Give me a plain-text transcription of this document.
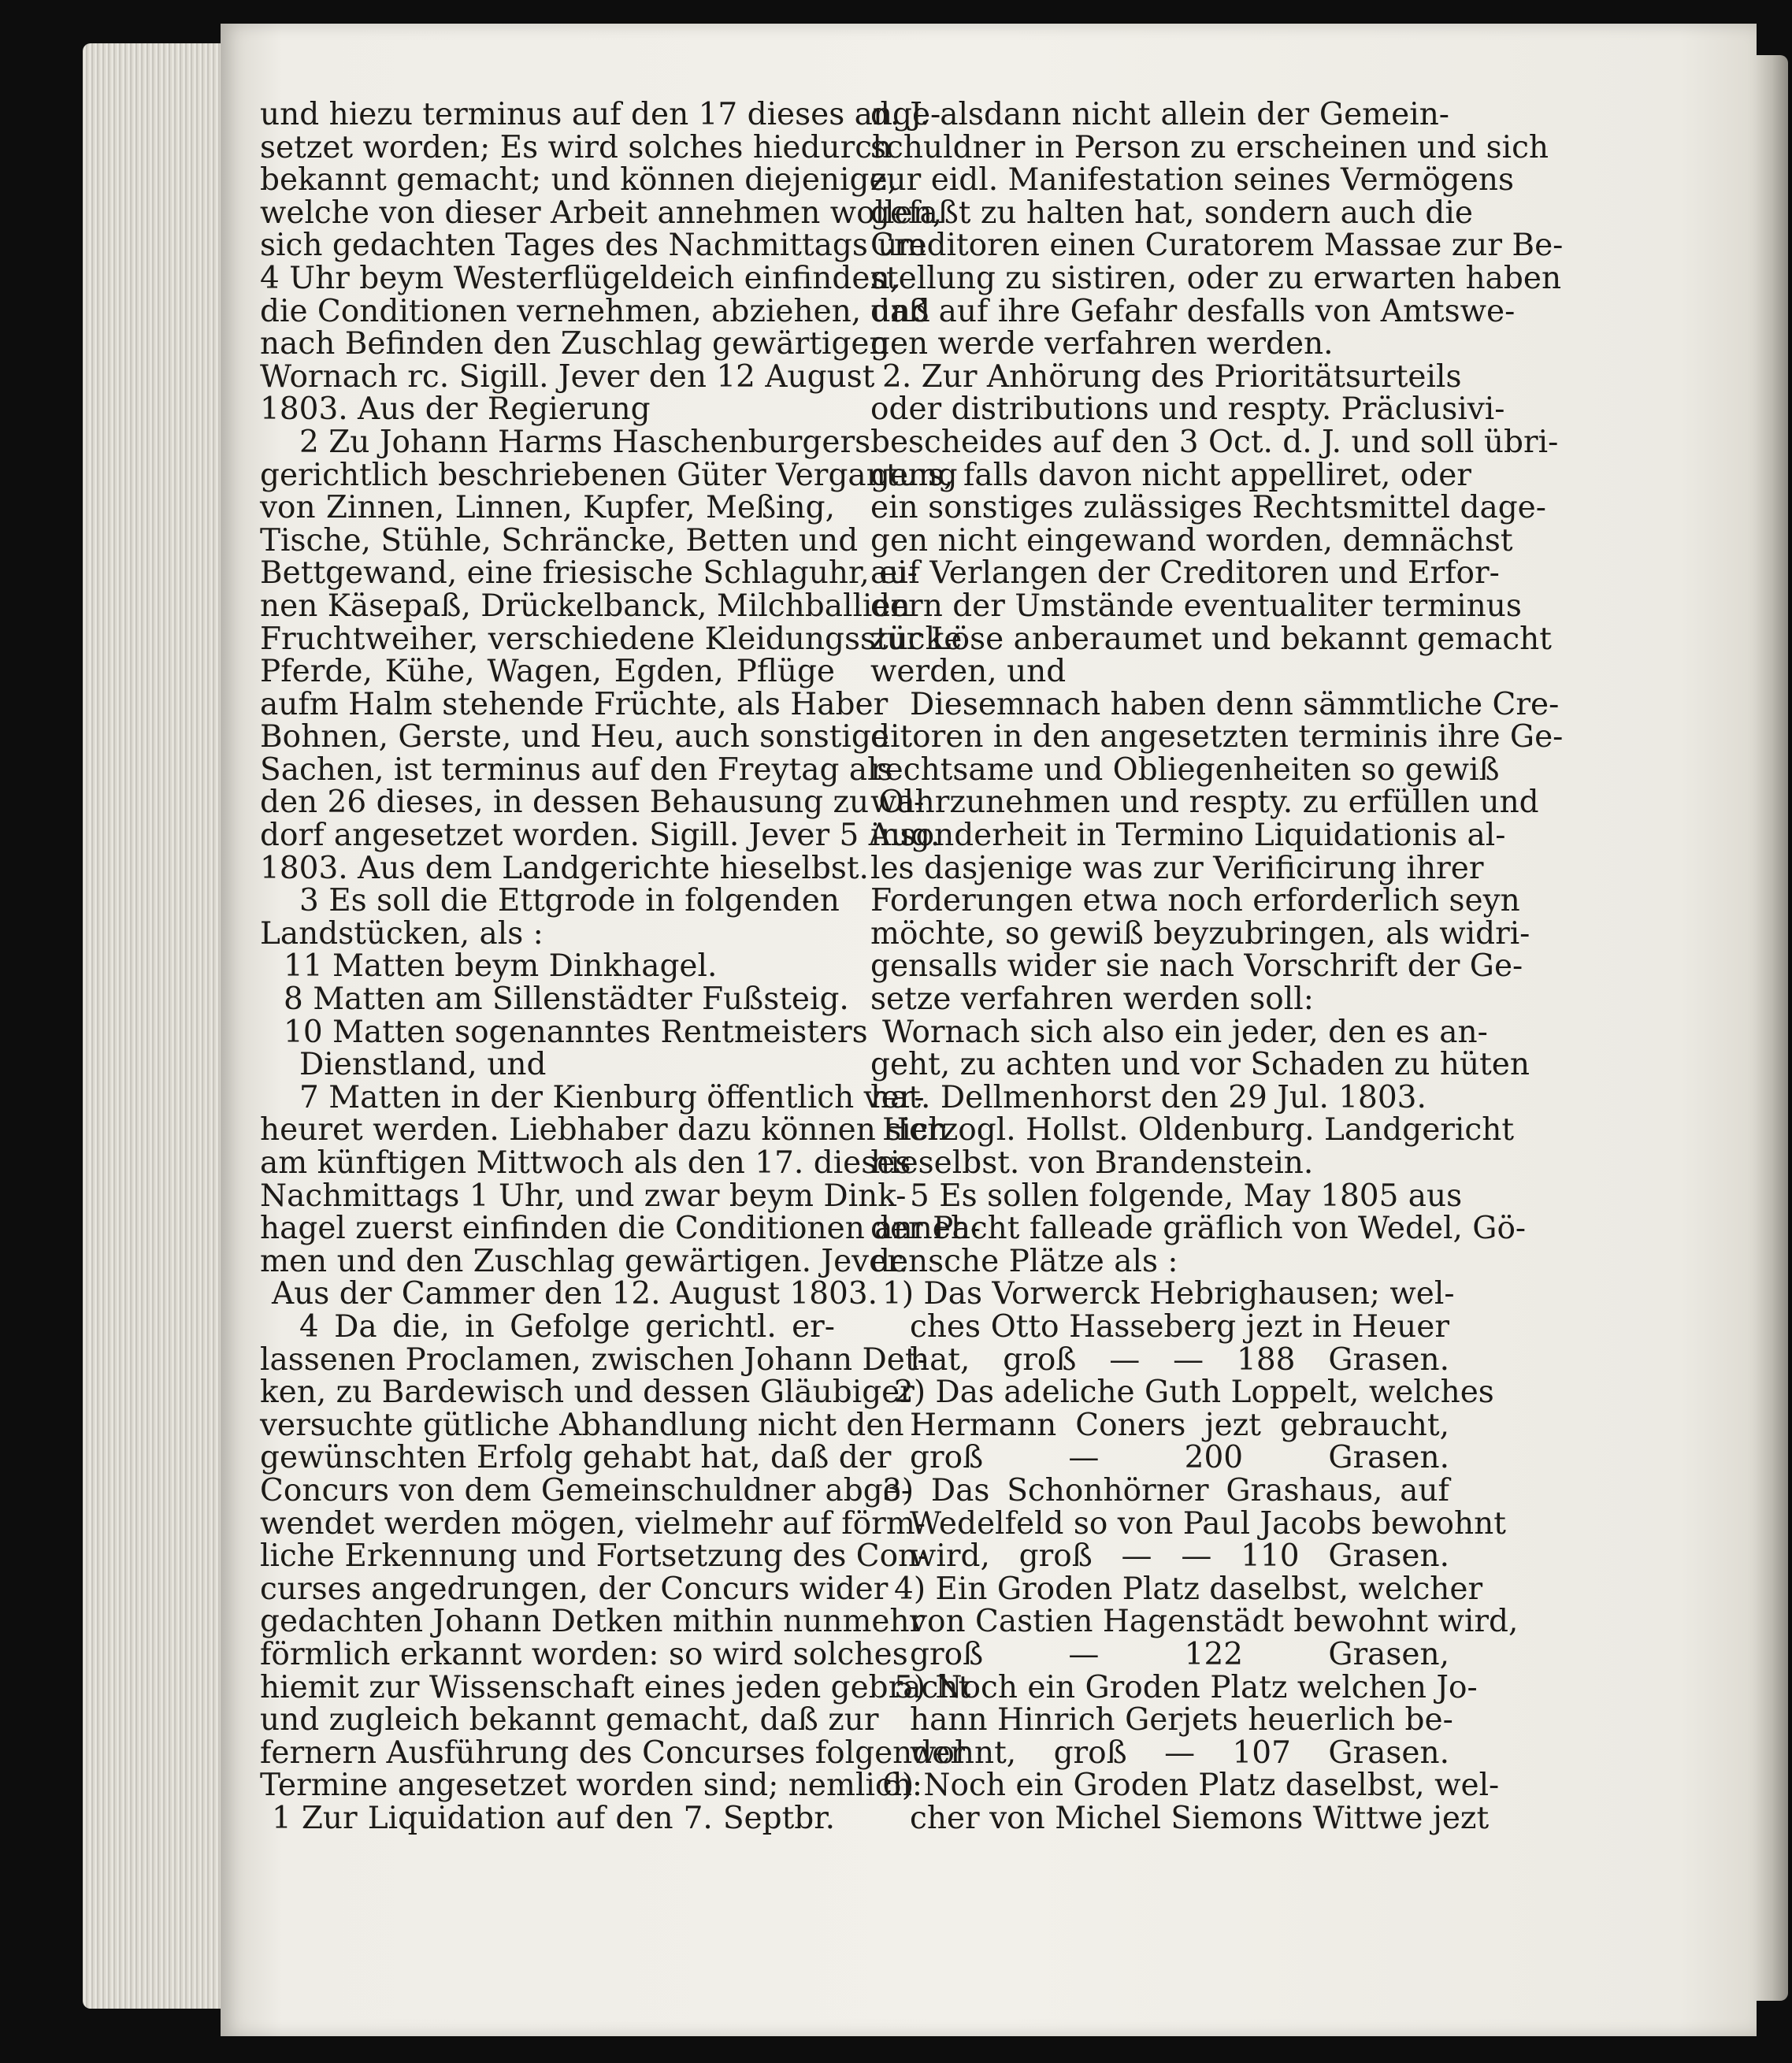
und hiezu terminus auf den 17 dieses ange-
setzet worden; Es wird solches hiedurch
bekannt gemacht; und können diejenige,
welche von dieser Arbeit annehmen wollen,
sich gedachten Tages des Nachmittags um
4 Uhr beym Westerflügeldeich einfinden,
die Conditionen vernehmen, abziehen, und
nach Befinden den Zuschlag gewärtigen
Wornach rc. Sigill. Jever den 12 August
1803. Aus der Regierung
2 Zu Johann Harms Haschenburgers
gerichtlich beschriebenen Güter Vergantung
von Zinnen, Linnen, Kupfer, Meßing,
Tische, Stühle, Schräncke, Betten und
Bettgewand, eine friesische Schlaguhr, ei-
nen Käsepaß, Drückelbanck, Milchballien
Fruchtweiher, verschiedene Kleidungsstücke
Pferde, Kühe, Wagen, Egden, Pflüge
aufm Halm stehende Früchte, als Haber
Bohnen, Gerste, und Heu, auch sonstige
Sachen, ist terminus auf den Freytag als
den 26 dieses, in dessen Behausung zu Ol-
dorf angesetzet worden. Sigill. Jever 5 Aug.
1803. Aus dem Landgerichte hieselbst.
3 Es soll die Ettgrode in folgenden
Landstücken, als :
11 Matten beym Dinkhagel.
8 Matten am Sillenstädter Fußsteig.
10 Matten sogenanntes Rentmeisters
Dienstland, und
7 Matten in der Kienburg öffentlich ver-
heuret werden. Liebhaber dazu können sich
am künftigen Mittwoch als den 17. dieses
Nachmittags 1 Uhr, und zwar beym Dink-
hagel zuerst einfinden die Conditionen anneh-
men und den Zuschlag gewärtigen. Jever.
Aus der Cammer den 12. August 1803.
4 Da die, in Gefolge gerichtl. er-
lassenen Proclamen, zwischen Johann Det-
ken, zu Bardewisch und dessen Gläubiger
versuchte gütliche Abhandlung nicht den
gewünschten Erfolg gehabt hat, daß der
Concurs von dem Gemeinschuldner abge-
wendet werden mögen, vielmehr auf förm-
liche Erkennung und Fortsetzung des Con-
curses angedrungen, der Concurs wider
gedachten Johann Detken mithin nunmehr
förmlich erkannt worden: so wird solches
hiemit zur Wissenschaft eines jeden gebracht
und zugleich bekannt gemacht, daß zur
fernern Ausführung des Concurses folgender
Termine angesetzet worden sind; nemlich:
1 Zur Liquidation auf den 7. Septbr.
d. J. alsdann nicht allein der Gemein-
schuldner in Person zu erscheinen und sich
zur eidl. Manifestation seines Vermögens
gefaßt zu halten hat, sondern auch die
Creditoren einen Curatorem Massae zur Be-
stellung zu sistiren, oder zu erwarten haben
daß auf ihre Gefahr desfalls von Amtswe-
gen werde verfahren werden.
2. Zur Anhörung des Prioritätsurteils
oder distributions und respty. Präclusivi-
bescheides auf den 3 Oct. d. J. und soll übri-
gens, falls davon nicht appelliret, oder
ein sonstiges zulässiges Rechtsmittel dage-
gen nicht eingewand worden, demnächst
auf Verlangen der Creditoren und Erfor-
dern der Umstände eventualiter terminus
zur Löse anberaumet und bekannt gemacht
werden, und
Diesemnach haben denn sämmtliche Cre-
ditoren in den angesetzten terminis ihre Ge-
rechtsame und Obliegenheiten so gewiß
wahrzunehmen und respty. zu erfüllen und
insonderheit in Termino Liquidationis al-
les dasjenige was zur Verificirung ihrer
Forderungen etwa noch erforderlich seyn
möchte, so gewiß beyzubringen, als widri-
gensalls wider sie nach Vorschrift der Ge-
setze verfahren werden soll:
Wornach sich also ein jeder, den es an-
geht, zu achten und vor Schaden zu hüten
hat. Dellmenhorst den 29 Jul. 1803.
Herzogl. Hollst. Oldenburg. Landgericht
hieselbst. von Brandenstein.
5 Es sollen folgende, May 1805 aus
der Pacht falleade gräflich von Wedel, Gö-
densche Plätze als :
1) Das Vorwerck Hebrighausen; wel-
ches Otto Hasseberg jezt in Heuer
hat, groß — — 188 Grasen.
2) Das adeliche Guth Loppelt, welches
Hermann Coners jezt gebraucht,
groß — 200 Grasen.
3) Das Schonhörner Grashaus, auf
Wedelfeld so von Paul Jacobs bewohnt
wird, groß — — 110 Grasen.
4) Ein Groden Platz daselbst, welcher
von Castien Hagenstädt bewohnt wird,
groß — 122 Grasen,
5) Noch ein Groden Platz welchen Jo-
hann Hinrich Gerjets heuerlich be-
wohnt, groß — 107 Grasen.
6) Noch ein Groden Platz daselbst, wel-
cher von Michel Siemons Wittwe jezt
